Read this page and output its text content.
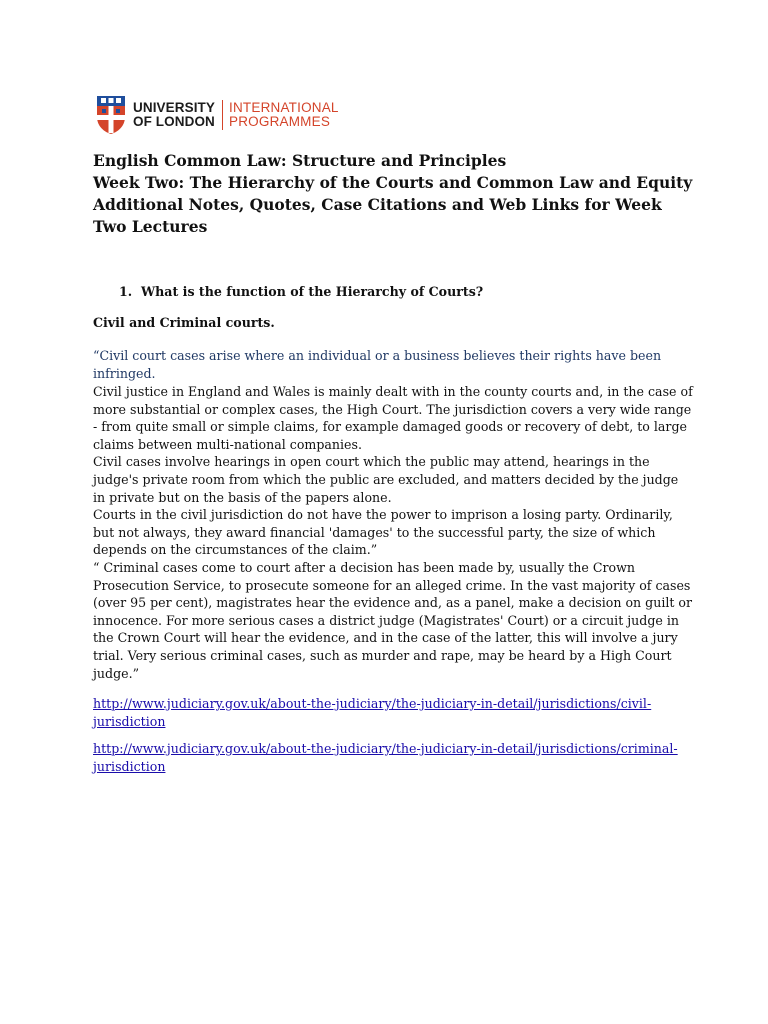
UNIVERSITY
OF LONDON
INTERNATIONAL
PROGRAMMES
English Common Law: Structure and Principles
Week Two: The Hierarchy of the Courts and Common Law and Equity
Additional Notes, Quotes, Case Citations and Web Links for Week Two Lectures
1. What is the function of the Hierarchy of Courts?
Civil and Criminal courts.
“Civil court cases arise where an individual or a business believes their rights have been infringed.

Civil justice in England and Wales is mainly dealt with in the county courts and, in the case of more substantial or complex cases, the High Court. The jurisdiction covers a very wide range - from quite small or simple claims, for example damaged goods or recovery of debt, to large claims between multi-national companies.

Civil cases involve hearings in open court which the public may attend, hearings in the judge's private room from which the public are excluded, and matters decided by the judge in private but on the basis of the papers alone.

Courts in the civil jurisdiction do not have the power to imprison a losing party. Ordinarily, but not always, they award financial 'damages' to the successful party, the size of which depends on the circumstances of the claim.”

“ Criminal cases come to court after a decision has been made by, usually the Crown Prosecution Service, to prosecute someone for an alleged crime. In the vast majority of cases (over 95 per cent), magistrates hear the evidence and, as a panel, make a decision on guilt or innocence. For more serious cases a district judge (Magistrates' Court) or a circuit judge in the Crown Court will hear the evidence, and in the case of the latter, this will involve a jury trial. Very serious criminal cases, such as murder and rape, may be heard by a High Court judge.”

http://www.judiciary.gov.uk/about-the-judiciary/the-judiciary-in-detail/jurisdictions/civil-jurisdiction
http://www.judiciary.gov.uk/about-the-judiciary/the-judiciary-in-detail/jurisdictions/criminal-jurisdiction
